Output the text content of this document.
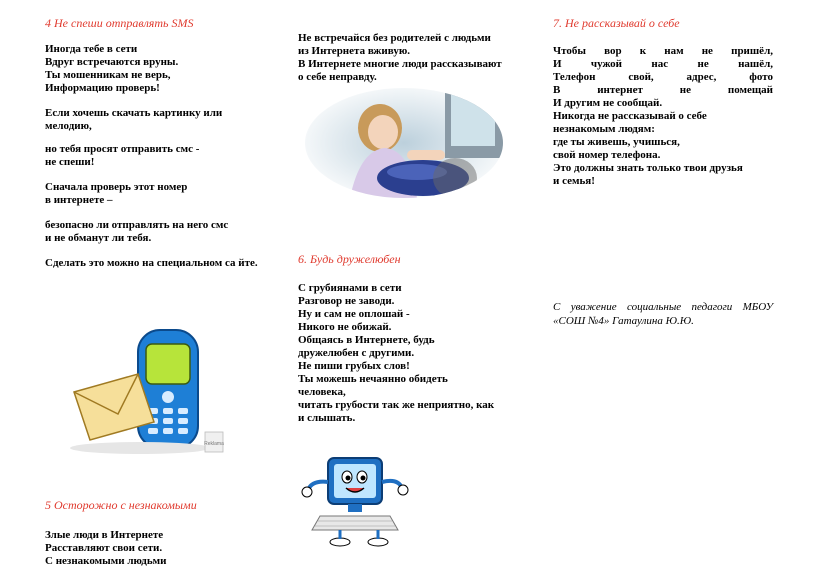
4 Не спеши отправлять SMS

Иногда тебе в сети
Вдруг встречаются вруны.
Ты мошенникам не верь,
Информацию проверь!

Если хочешь скачать картинку или мелодию,

но тебя просят отправить смс -
не спеши!

Сначала проверь этот номер
в интернете –

безопасно ли отправлять на него смс
и не обманут ли тебя.

Сделать это можно на специальном са йте.

Reklama

5 Осторожно с незнакомыми

Злые люди в Интернете
Расставляют свои сети.
С незнакомыми людьми

Не встречайся без родителей с людьми
из Интернета вживую.
В Интернете многие люди рассказывают
о себе неправду.

6. Будь дружелюбен

С грубиянами в сети
Разговор не заводи.
Ну и сам не оплошай -
Никого не обижай.
Общаясь в Интернете, будь
дружелюбен с другими.
Не пиши грубых слов!
Ты можешь нечаянно обидеть
человека,
читать грубости так же неприятно, как
и слышать.

7. Не рассказывай о себе

Чтобы вор к нам не пришёл,

И чужой нас не нашёл,

Телефон свой, адрес, фото

В интернет не помещай

И другим не сообщай.

Никогда не рассказывай о себе
незнакомым людям:
где ты живешь, учишься,
свой номер телефона.
Это должны знать только твои друзья
и семья!

С уважение социальные педагоги МБОУ «СОШ №4» Гатаулина Ю.Ю.
